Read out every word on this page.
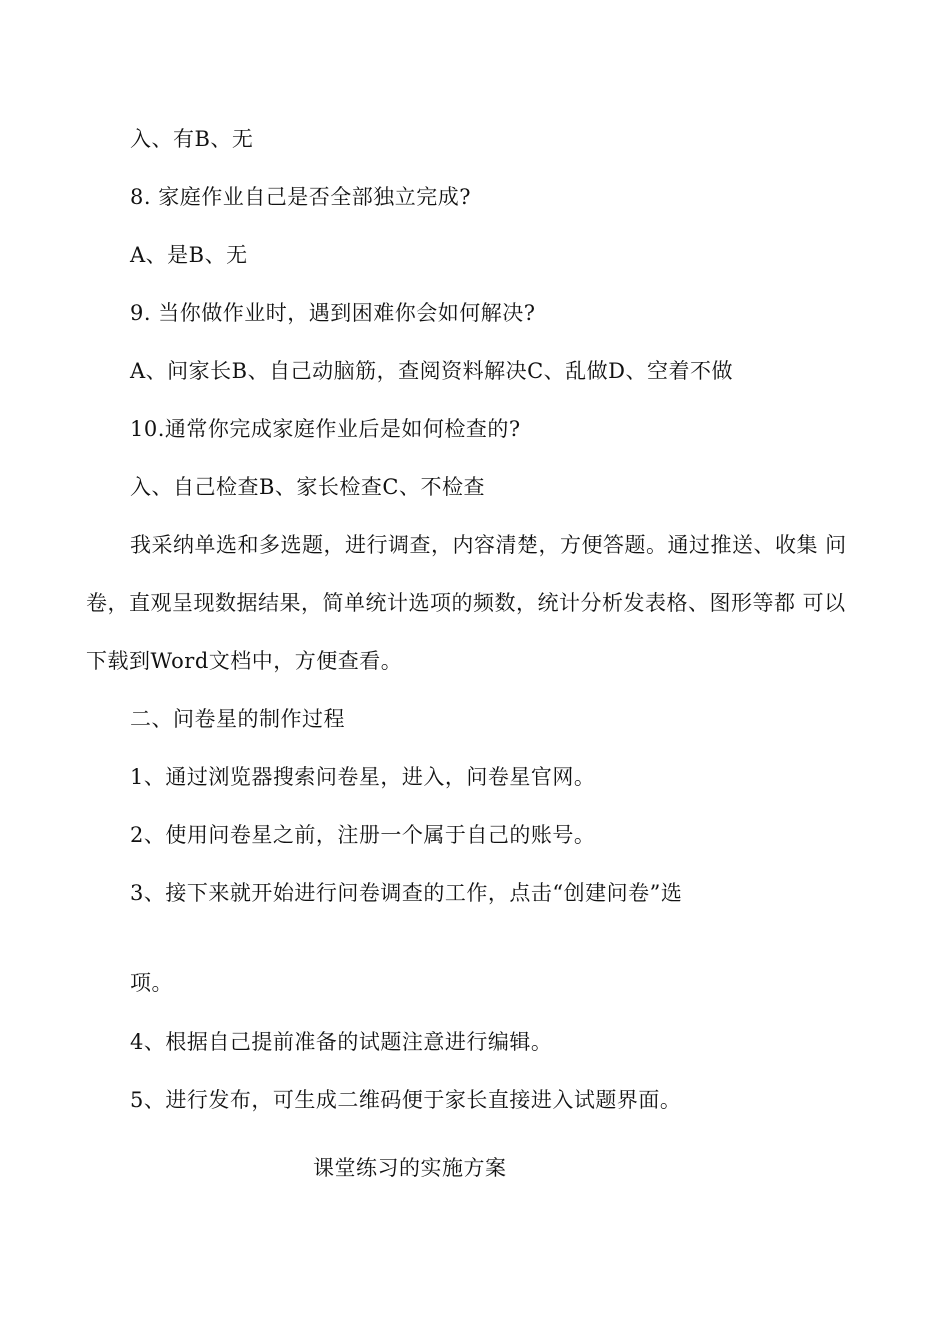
入、有B、无
8. 家庭作业自己是否全部独立完成?
A、是B、无
9. 当你做作业时，遇到困难你会如何解决?
A、问家长B、自己动脑筋，查阅资料解决C、乱做D、空着不做
10.通常你完成家庭作业后是如何检查的?
入、自己检查B、家长检查C、不检查
我采纳单选和多选题，进行调查，内容清楚，方便答题。通过推送、收集 问
卷，直观呈现数据结果，简单统计选项的频数，统计分析发表格、图形等都 可以
下载到Word文档中，方便查看。
二、问卷星的制作过程
1、通过浏览器搜索问卷星，进入，问卷星官网。
2、使用问卷星之前，注册一个属于自己的账号。
3、接下来就开始进行问卷调查的工作，点击“创建问卷”选
项。
4、根据自己提前准备的试题注意进行编辑。
5、进行发布，可生成二维码便于家长直接进入试题界面。
课堂练习的实施方案
